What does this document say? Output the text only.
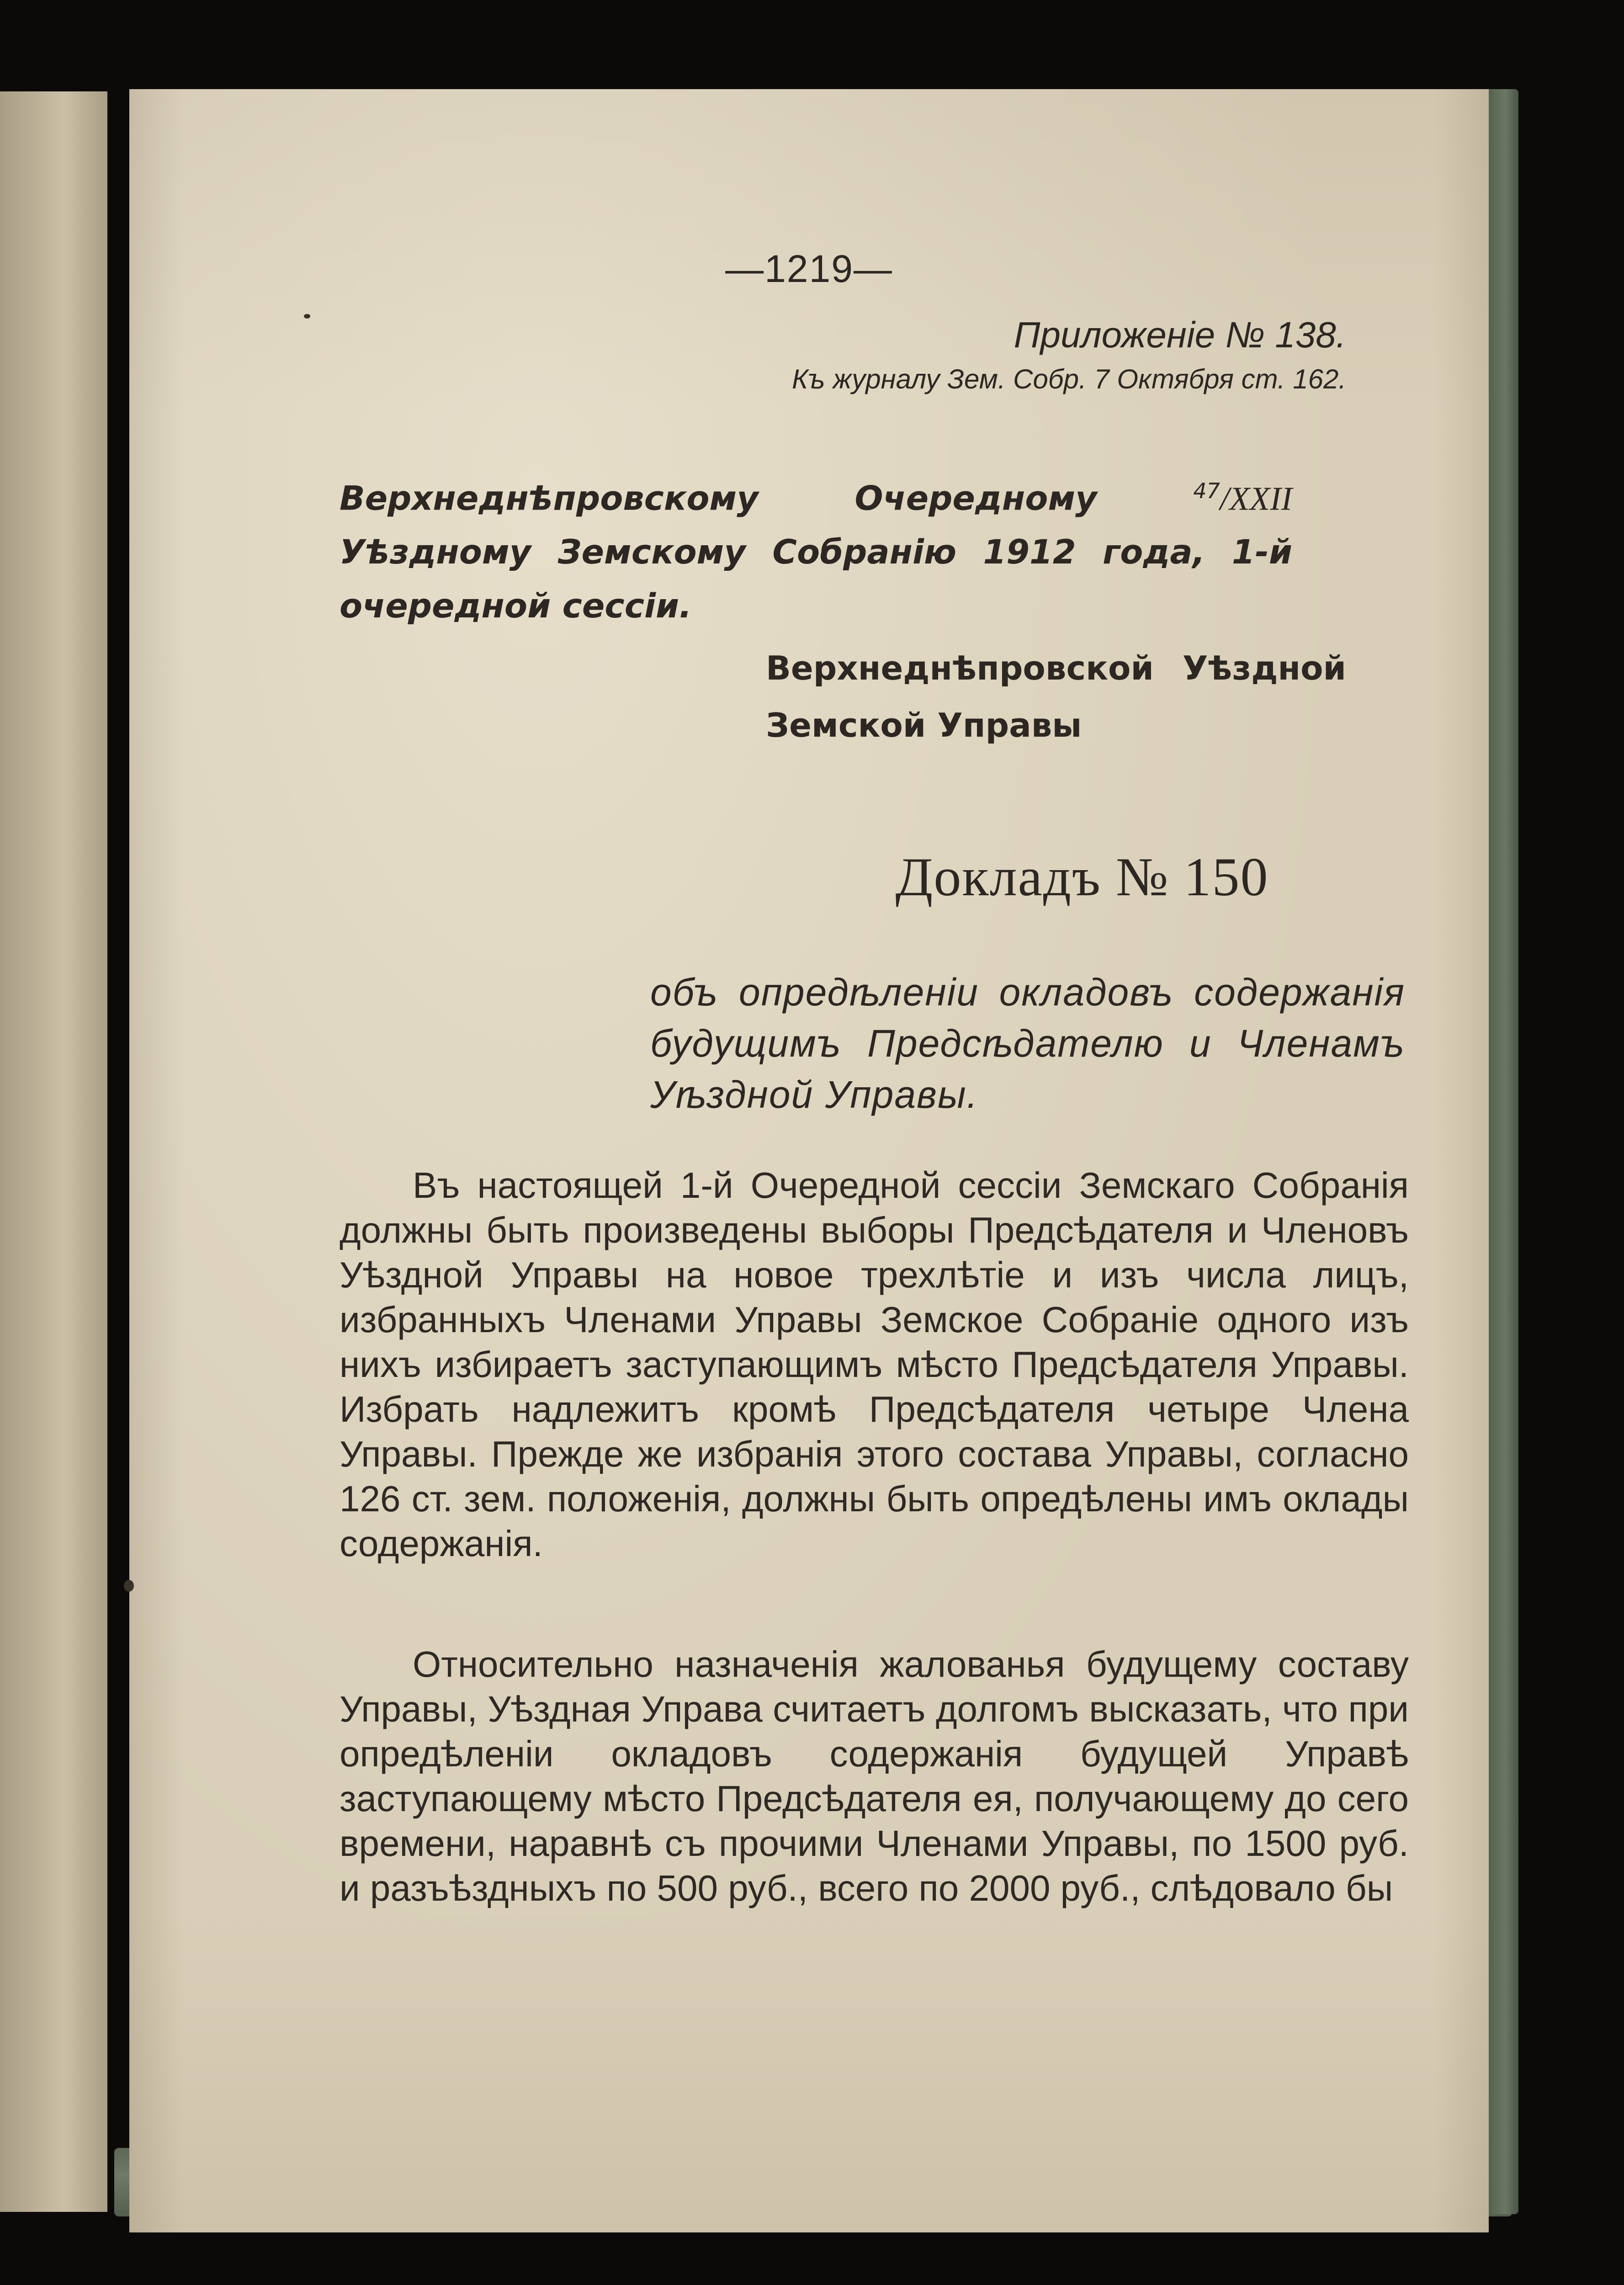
—1219—
Приложенiе № 138.
Къ журналу Зем. Собр. 7 Октября ст. 162.
Верхнеднѣпровскому Очередному $^{47}$/XXII Уѣздному Земскому Собранiю 1912 года, 1-й очередной сессiи.
Верхнеднѣпровской Уѣздной Земской Управы
Докладъ № 150
объ опредѣленiи окладовъ содержанiя будущимъ Предсѣдателю и Членамъ Уѣздной Управы.
Въ настоящей 1-й Очередной сессiи Земскаго Собранiя должны быть произведены выборы Предсѣдателя и Членовъ Уѣздной Управы на новое трехлѣтiе и изъ числа лицъ, избранныхъ Членами Управы Земское Собранiе одного изъ нихъ избираетъ заступающимъ мѣсто Предсѣдателя Управы. Избрать надлежитъ кромѣ Предсѣдателя четыре Члена Управы. Прежде же избранiя этого состава Управы, согласно 126 ст. зем. положенiя, должны быть опредѣлены имъ оклады содержанiя.
Относительно назначенiя жалованья будущему составу Управы, Уѣздная Управа считаетъ долгомъ высказать, что при опредѣленiи окладовъ содержанiя будущей Управѣ заступающему мѣсто Предсѣдателя ея, получающему до сего времени, наравнѣ съ прочими Членами Управы, по 1500 руб. и разъѣздныхъ по 500 руб., всего по 2000 руб., слѣдовало бы
